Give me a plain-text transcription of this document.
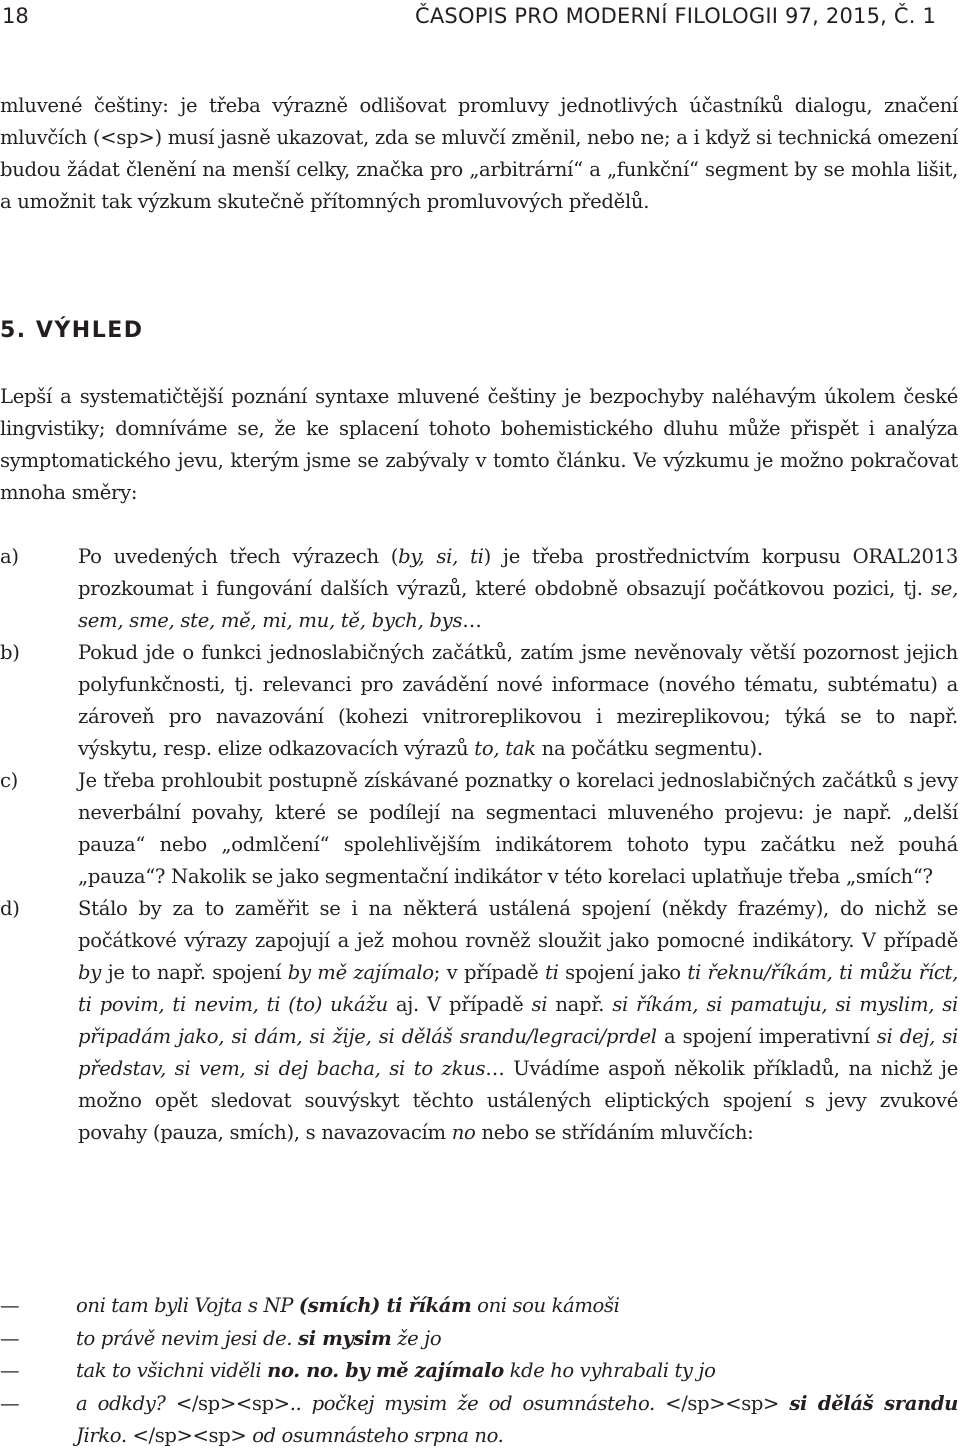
18	ČASOPIS PRO MODERNÍ FILOLOGII 97, 2015, Č. 1

mluvené češtiny: je třeba výrazně odlišovat promluvy jednotlivých účastníků dialogu, značení mluvčích (<sp>) musí jasně ukazovat, zda se mluvčí změnil, nebo ne; a i když si technická omezení budou žádat členění na menší celky, značka pro „arbitrární“ a „funkční“ segment by se mohla lišit, a umožnit tak výzkum skutečně přítomných promluvových předělů.

5. VÝHLED

Lepší a systematičtější poznání syntaxe mluvené češtiny je bezpochyby naléhavým úkolem české lingvistiky; domníváme se, že ke splacení tohoto bohemistického dluhu může přispět i analýza symptomatického jevu, kterým jsme se zabývaly v tomto článku. Ve výzkumu je možno pokračovat mnoha směry:

a)	Po uvedených třech výrazech (by, si, ti) je třeba prostřednictvím korpusu ORAL2013 prozkoumat i fungování dalších výrazů, které obdobně obsazují počátkovou pozici, tj. se, sem, sme, ste, mě, mi, mu, tě, bych, bys…
b)	Pokud jde o funkci jednoslabičných začátků, zatím jsme nevěnovaly větší pozornost jejich polyfunkčnosti, tj. relevanci pro zavádění nové informace (nového tématu, subtématu) a zároveň pro navazování (kohezi vnitroreplikovou i mezireplikovou; týká se to např. výskytu, resp. elize odkazovacích výrazů to, tak na počátku segmentu).
c)	Je třeba prohloubit postupně získávané poznatky o korelaci jednoslabičných začátků s jevy neverbální povahy, které se podílejí na segmentaci mluveného projevu: je např. „delší pauza“ nebo „odmlčení“ spolehlivějším indikátorem tohoto typu začátku než pouhá „pauza“? Nakolik se jako segmentační indikátor v této korelaci uplatňuje třeba „smích“?
d)	Stálo by za to zaměřit se i na některá ustálená spojení (někdy frazémy), do nichž se počátkové výrazy zapojují a jež mohou rovněž sloužit jako pomocné indikátory. V případě by je to např. spojení by mě zajímalo; v případě ti spojení jako ti řeknu/říkám, ti můžu říct, ti povim, ti nevim, ti (to) ukážu aj. V případě si např. si říkám, si pamatuju, si myslim, si připadám jako, si dám, si žije, si děláš srandu/legraci/prdel a spojení imperativní si dej, si představ, si vem, si dej bacha, si to zkus… Uvádíme aspoň několik příkladů, na nichž je možno opět sledovat souvýskyt těchto ustálených eliptických spojení s jevy zvukové povahy (pauza, smích), s navazovacím no nebo se střídáním mluvčích:
—	oni tam byli Vojta s NP (smích) ti říkám oni sou kámoši
—	to právě nevim jesi de. si mysim že jo
—	tak to všichni viděli no. no. by mě zajímalo kde ho vyhrabali ty jo
—	a odkdy? </sp><sp>.. počkej mysim že od osumnásteho. </sp><sp> si děláš srandu Jirko. </sp><sp> od osumnásteho srpna no.
